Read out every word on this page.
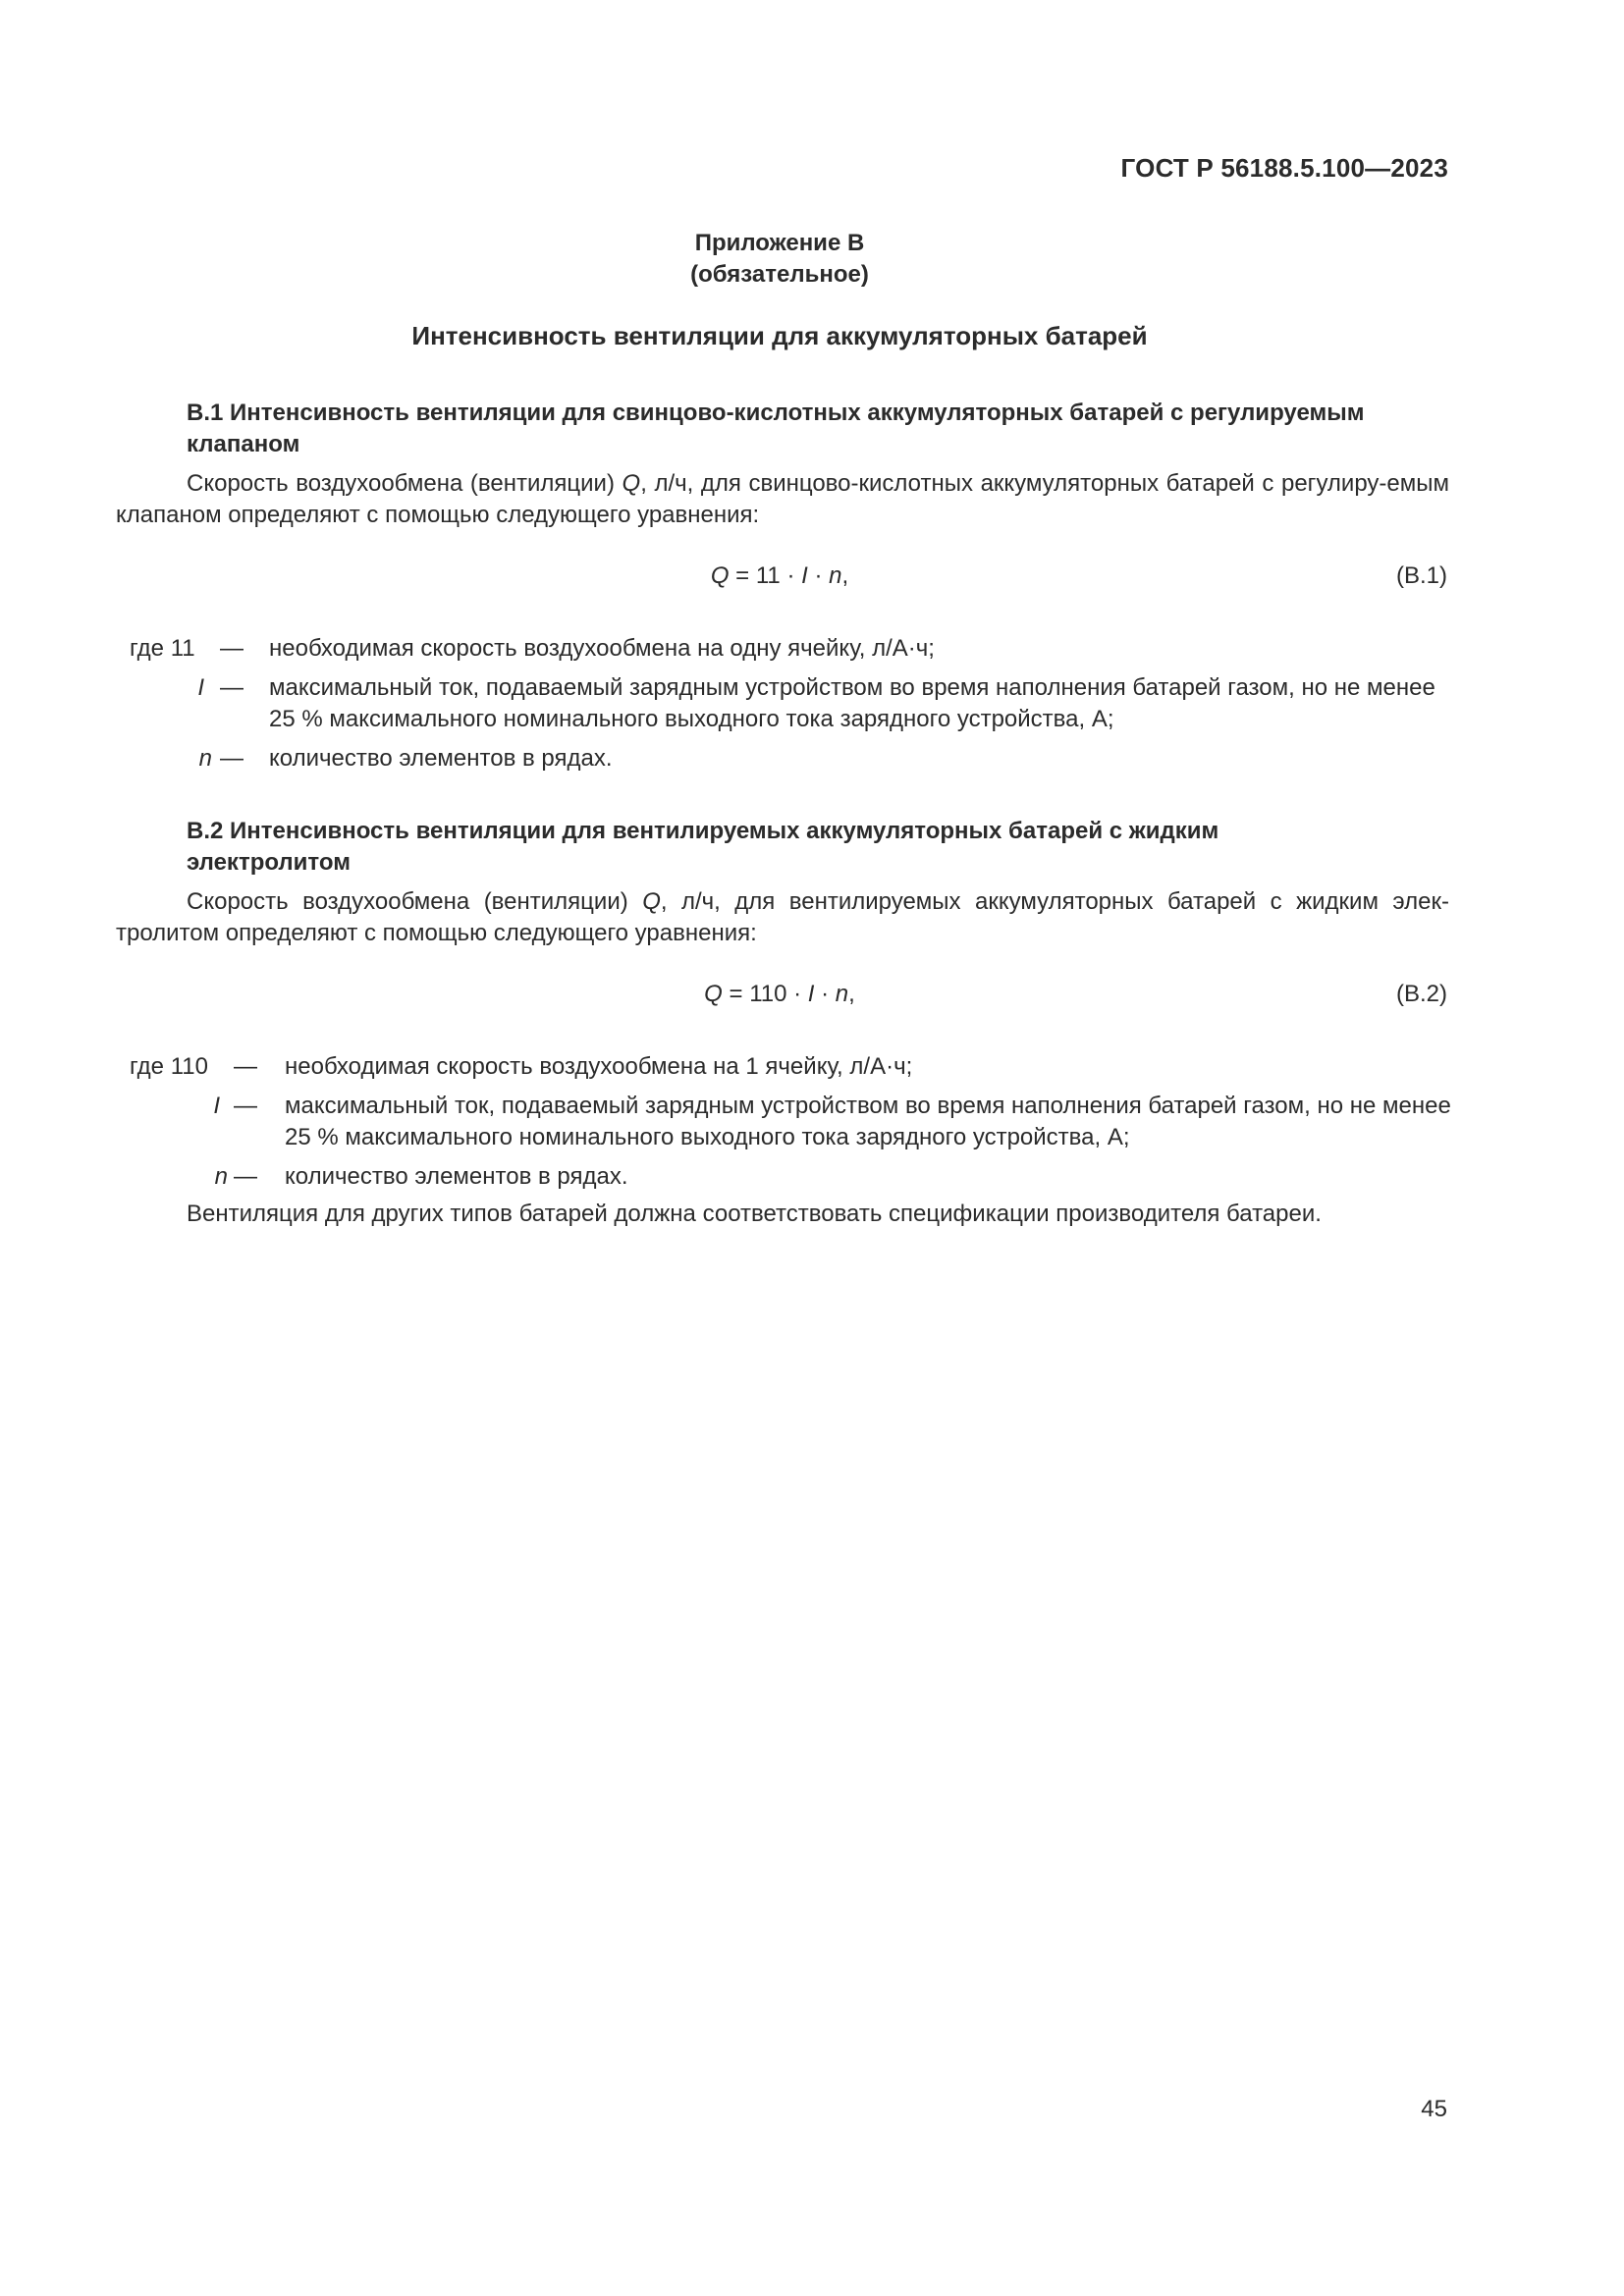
ГОСТ Р 56188.5.100—2023
Приложение В
(обязательное)
Интенсивность вентиляции для аккумуляторных батарей
В.1 Интенсивность вентиляции для свинцово-кислотных аккумуляторных батарей с регулируемым
клапаном
Скорость воздухообмена (вентиляции) Q, л/ч, для свинцово-кислотных аккумуляторных батарей с регулиру-емым клапаном определяют с помощью следующего уравнения:
Q = 11 · I · n,	(В.1)
где 11	— необходимая скорость воздухообмена на одну ячейку, л/А·ч;
I — максимальный ток, подаваемый зарядным устройством во время наполнения батарей газом, но не менее 25 % максимального номинального выходного тока зарядного устройства, А;
n — количество элементов в рядах.
В.2 Интенсивность вентиляции для вентилируемых аккумуляторных батарей с жидким
электролитом
Скорость воздухообмена (вентиляции) Q, л/ч, для вентилируемых аккумуляторных батарей с жидким элек-тролитом определяют с помощью следующего уравнения:
Q = 110 · I · n,	(В.2)
где 110	— необходимая скорость воздухообмена на 1 ячейку, л/А·ч;
I — максимальный ток, подаваемый зарядным устройством во время наполнения батарей газом, но не менее 25 % максимального номинального выходного тока зарядного устройства, А;
n — количество элементов в рядах.
Вентиляция для других типов батарей должна соответствовать спецификации производителя батареи.
45
